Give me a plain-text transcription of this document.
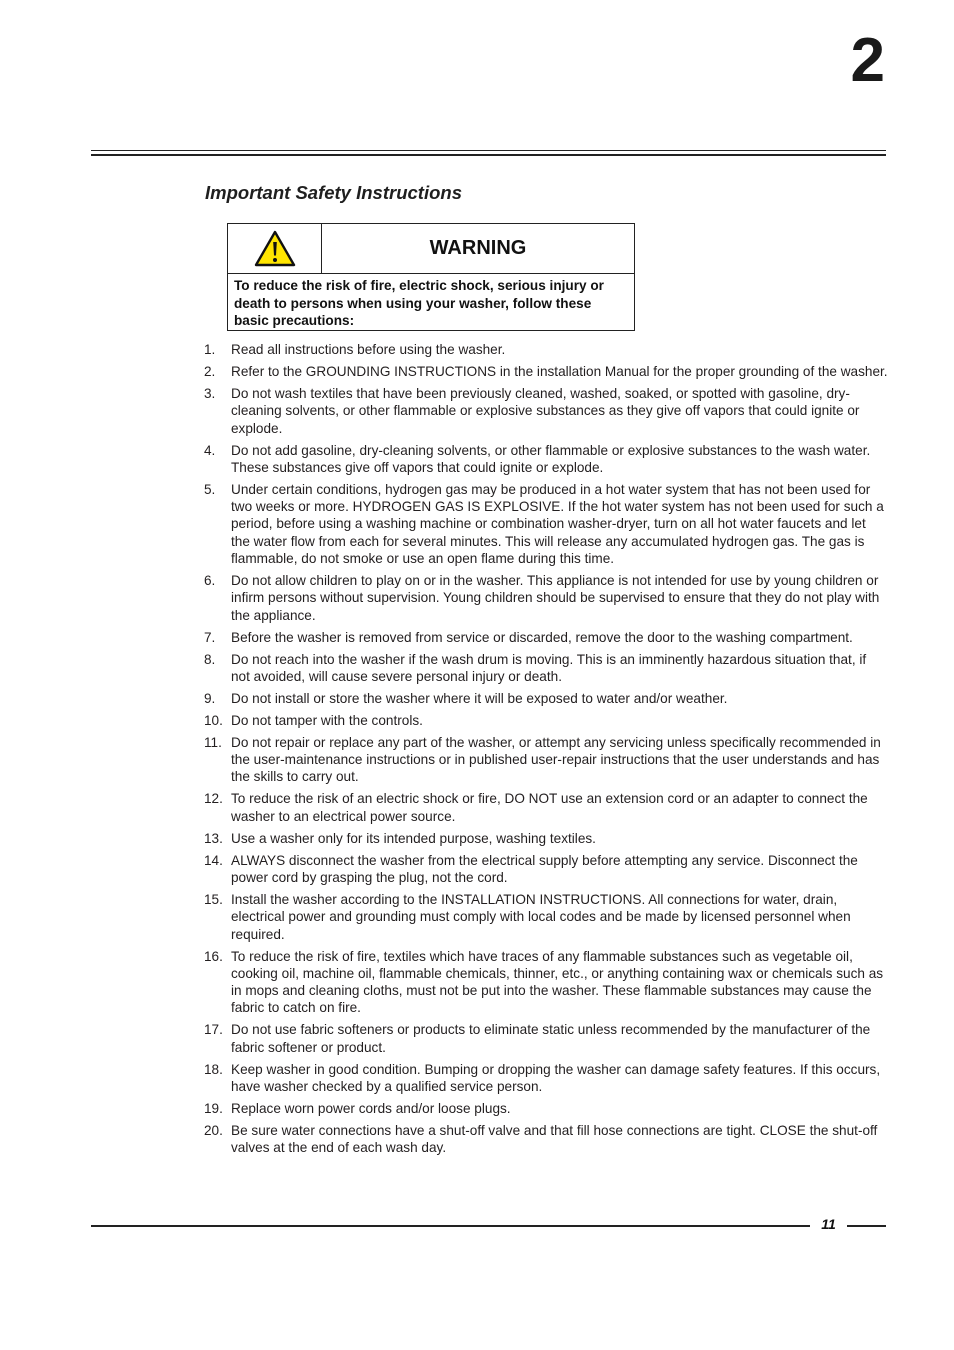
2
Important Safety Instructions
WARNING
To reduce the risk of fire, electric shock, serious injury or death to persons when using your washer, follow these basic precautions:
1.	Read all instructions before using the washer.
2.	Refer to the GROUNDING INSTRUCTIONS in the installation Manual for the proper grounding of the washer.
3.	Do not wash textiles that have been previously cleaned, washed, soaked, or spotted with gasoline, dry-cleaning solvents, or other flammable or explosive substances as they give off vapors that could ignite or explode.
4.	Do not add gasoline, dry-cleaning solvents, or other flammable or explosive substances to the wash water. These substances give off vapors that could ignite or explode.
5.	Under certain conditions, hydrogen gas may be produced in a hot water system that has not been used for two weeks or more. HYDROGEN GAS IS EXPLOSIVE. If the hot water system has not been used for such a period, before using a washing machine or combination washer-dryer, turn on all hot water faucets and let the water flow from each for several minutes. This will release any accumulated hydrogen gas. The gas is flammable, do not smoke or use an open flame during this time.
6.	Do not allow children to play on or in the washer. This appliance is not intended for use by young children or infirm persons without supervision. Young children should be supervised to ensure that they do not play with the appliance.
7.	Before the washer is removed from service or discarded, remove the door to the washing compartment.
8.	Do not reach into the washer if the wash drum is moving. This is an imminently hazardous situation that, if not avoided, will cause severe personal injury or death.
9.	Do not install or store the washer where it will be exposed to water and/or weather.
10. Do not tamper with the controls.
11. Do not repair or replace any part of the washer, or attempt any servicing unless specifically recommended in the user-maintenance instructions or in published user-repair instructions that the user understands and has the skills to carry out.
12. To reduce the risk of an electric shock or fire, DO NOT use an extension cord or an adapter to connect the washer to an electrical power source.
13. Use a washer only for its intended purpose, washing textiles.
14. ALWAYS disconnect the washer from the electrical supply before attempting any service. Disconnect the power cord by grasping the plug, not the cord.
15. Install the washer according to the INSTALLATION INSTRUCTIONS. All connections for water, drain, electrical power and grounding must comply with local codes and be made by licensed personnel when required.
16. To reduce the risk of fire, textiles which have traces of any flammable substances such as vegetable oil, cooking oil, machine oil, flammable chemicals, thinner, etc., or anything containing wax or chemicals such as in mops and cleaning cloths, must not be put into the washer. These flammable substances may cause the fabric to catch on fire.
17. Do not use fabric softeners or products to eliminate static unless recommended by the manufacturer of the fabric softener or product.
18. Keep washer in good condition. Bumping or dropping the washer can damage safety features. If this occurs, have washer checked by a qualified service person.
19. Replace worn power cords and/or loose plugs.
20. Be sure water connections have a shut-off valve and that fill hose connections are tight. CLOSE the shut-off valves at the end of each wash day.
11
